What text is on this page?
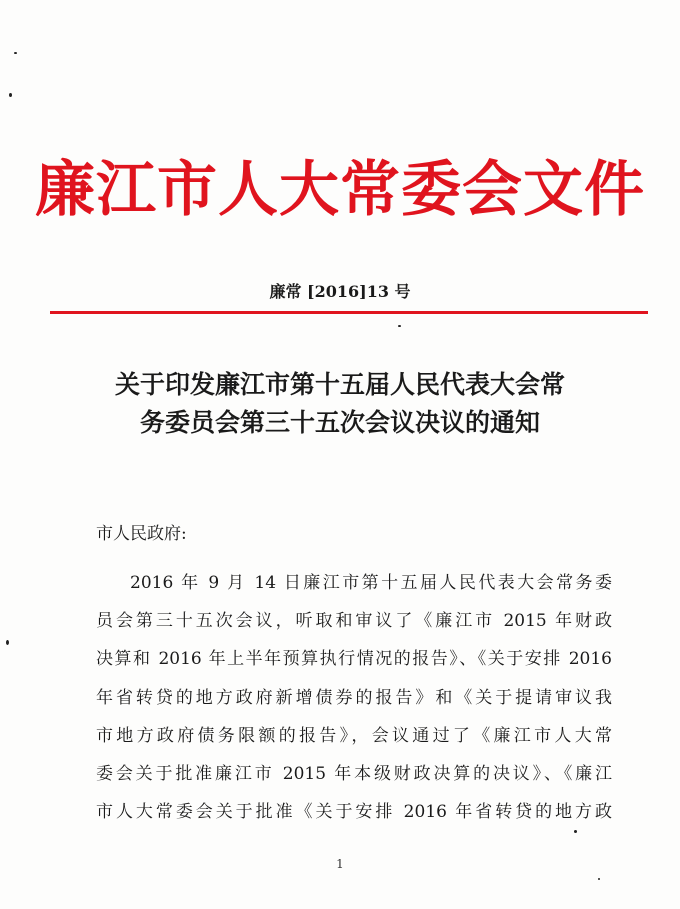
廉江市人大常委会文件
廉常 [2016]13 号
关于印发廉江市第十五届人民代表大会常
务委员会第三十五次会议决议的通知
市人民政府:
2016 年 9 月 14 日廉江市第十五届人民代表大会常务委
员会第三十五次会议，听取和审议了《廉江市 2015 年财政
决算和 2016 年上半年预算执行情况的报告》、《关于安排 2016
年省转贷的地方政府新增债券的报告》和《关于提请审议我
市地方政府债务限额的报告》，会议通过了《廉江市人大常
委会关于批准廉江市 2015 年本级财政决算的决议》、《廉江
市人大常委会关于批准《关于安排 2016 年省转贷的地方政
1
